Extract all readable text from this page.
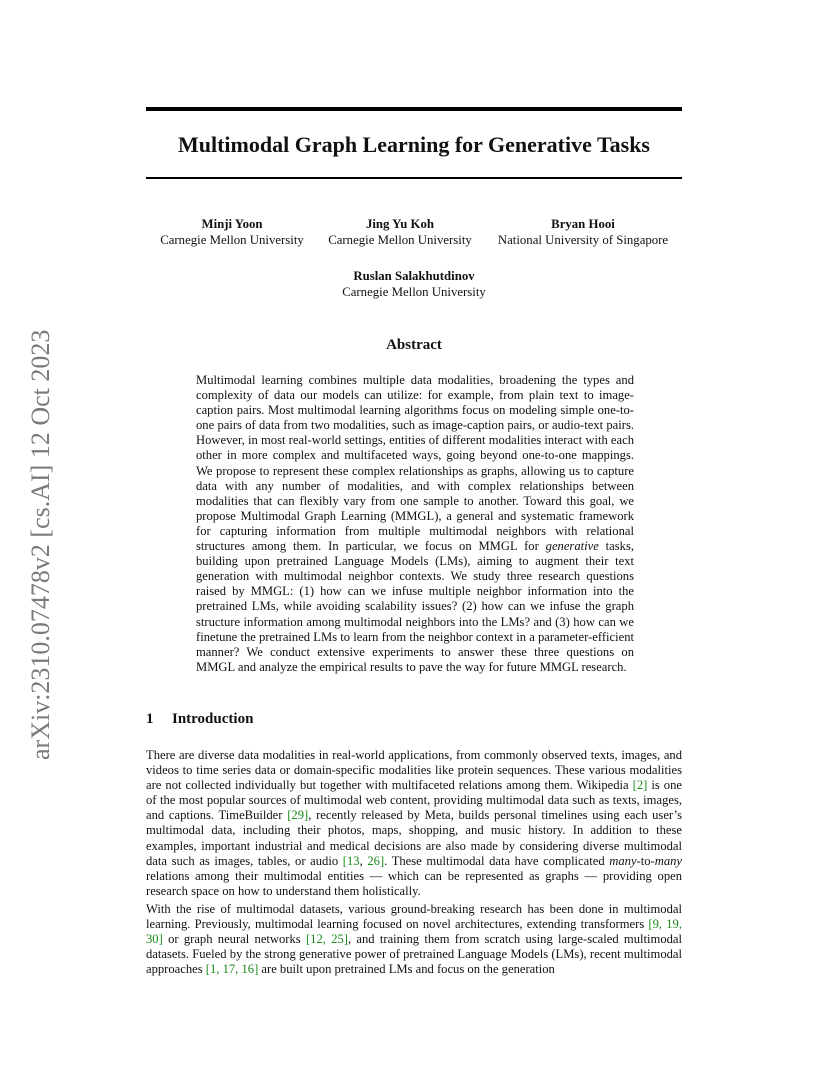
arXiv:2310.07478v2 [cs.AI] 12 Oct 2023
Multimodal Graph Learning for Generative Tasks
Minji Yoon
Carnegie Mellon University
Jing Yu Koh
Carnegie Mellon University
Bryan Hooi
National University of Singapore
Ruslan Salakhutdinov
Carnegie Mellon University
Abstract

Multimodal learning combines multiple data modalities, broadening the types and complexity of data our models can utilize: for example, from plain text to image-caption pairs. Most multimodal learning algorithms focus on modeling simple one-to-one pairs of data from two modalities, such as image-caption pairs, or audio-text pairs. However, in most real-world settings, entities of different modalities interact with each other in more complex and multifaceted ways, going beyond one-to-one mappings. We propose to represent these complex relationships as graphs, allowing us to capture data with any number of modalities, and with complex relationships between modalities that can flexibly vary from one sample to another. Toward this goal, we propose Multimodal Graph Learning (MMGL), a general and systematic framework for capturing information from multiple multimodal neighbors with relational structures among them. In particular, we focus on MMGL for generative tasks, building upon pretrained Language Models (LMs), aiming to augment their text generation with multimodal neighbor contexts. We study three research questions raised by MMGL: (1) how can we infuse multiple neighbor information into the pretrained LMs, while avoiding scalability issues? (2) how can we infuse the graph structure information among multimodal neighbors into the LMs? and (3) how can we finetune the pretrained LMs to learn from the neighbor context in a parameter-efficient manner? We conduct extensive experiments to answer these three questions on MMGL and analyze the empirical results to pave the way for future MMGL research.

1 Introduction

There are diverse data modalities in real-world applications, from commonly observed texts, images, and videos to time series data or domain-specific modalities like protein sequences. These various modalities are not collected individually but together with multifaceted relations among them. Wikipedia [2] is one of the most popular sources of multimodal web content, providing multimodal data such as texts, images, and captions. TimeBuilder [29], recently released by Meta, builds personal timelines using each user’s multimodal data, including their photos, maps, shopping, and music history. In addition to these examples, important industrial and medical decisions are also made by considering diverse multimodal data such as images, tables, or audio [13, 26]. These multimodal data have complicated many-to-many relations among their multimodal entities — which can be represented as graphs — providing open research space on how to understand them holistically.

With the rise of multimodal datasets, various ground-breaking research has been done in multimodal learning. Previously, multimodal learning focused on novel architectures, extending transformers [9, 19, 30] or graph neural networks [12, 25], and training them from scratch using large-scaled multimodal datasets. Fueled by the strong generative power of pretrained Language Models (LMs), recent multimodal approaches [1, 17, 16] are built upon pretrained LMs and focus on the generation
